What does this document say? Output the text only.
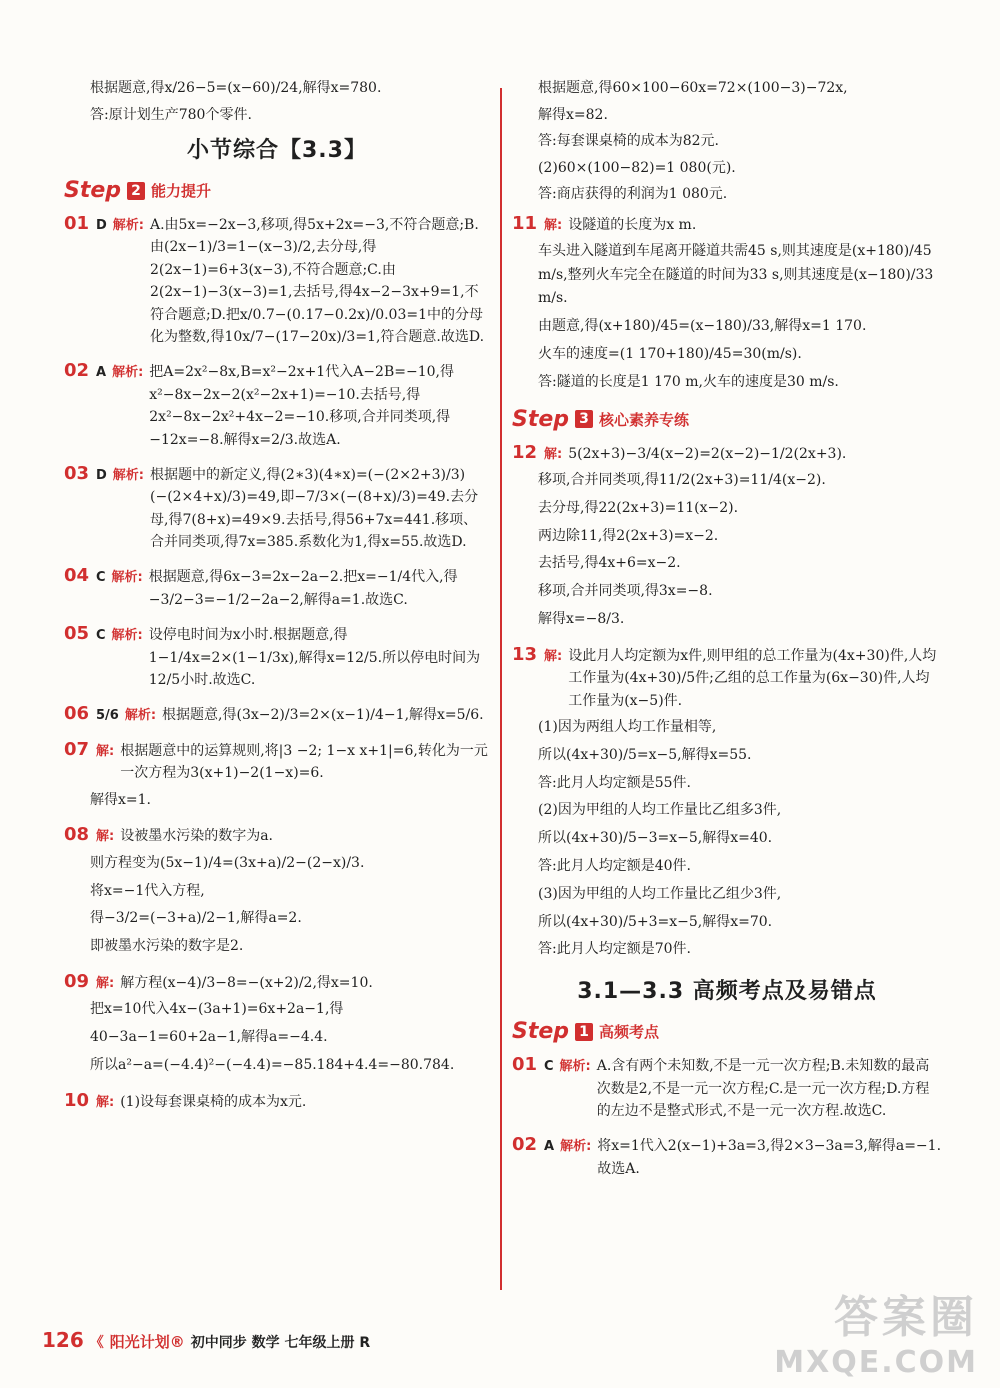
根据题意,得x/26−5=(x−60)/24,解得x=780.

答:原计划生产780个零件.

小节综合【3.3】
Step 2 能力提升
01 D 解析: A.由5x=−2x−3,移项,得5x+2x=−3,不符合题意;B.由(2x−1)/3=1−(x−3)/2,去分母,得2(2x−1)=6+3(x−3),不符合题意;C.由2(2x−1)−3(x−3)=1,去括号,得4x−2−3x+9=1,不符合题意;D.把x/0.7−(0.17−0.2x)/0.03=1中的分母化为整数,得10x/7−(17−20x)/3=1,符合题意.故选D.
02 A 解析: 把A=2x²−8x,B=x²−2x+1代入A−2B=−10,得x²−8x−2x−2(x²−2x+1)=−10.去括号,得2x²−8x−2x²+4x−2=−10.移项,合并同类项,得−12x=−8.解得x=2/3.故选A.
03 D 解析: 根据题中的新定义,得(2∗3)(4∗x)=(−(2×2+3)/3)(−(2×4+x)/3)=49,即−7/3×(−(8+x)/3)=49.去分母,得7(8+x)=49×9.去括号,得56+7x=441.移项、合并同类项,得7x=385.系数化为1,得x=55.故选D.
04 C 解析: 根据题意,得6x−3=2x−2a−2.把x=−1/4代入,得−3/2−3=−1/2−2a−2,解得a=1.故选C.
05 C 解析: 设停电时间为x小时.根据题意,得1−1/4x=2×(1−1/3x),解得x=12/5.所以停电时间为12/5小时.故选C.
06 5/6 解析: 根据题意,得(3x−2)/3=2×(x−1)/4−1,解得x=5/6.
07 解: 根据题意中的运算规则,将|3 −2; 1−x x+1|=6,转化为一元一次方程为3(x+1)−2(1−x)=6.
解得x=1.
08 解: 设被墨水污染的数字为a.
则方程变为(5x−1)/4=(3x+a)/2−(2−x)/3.
将x=−1代入方程,
得−3/2=(−3+a)/2−1,解得a=2.
即被墨水污染的数字是2.
09 解: 解方程(x−4)/3−8=−(x+2)/2,得x=10.
把x=10代入4x−(3a+1)=6x+2a−1,得
40−3a−1=60+2a−1,解得a=−4.4.
所以a²−a=(−4.4)²−(−4.4)=−85.184+4.4=−80.784.
10 解: (1)设每套课桌椅的成本为x元.

根据题意,得60×100−60x=72×(100−3)−72x,

解得x=82.

答:每套课桌椅的成本为82元.

(2)60×(100−82)=1 080(元).

答:商店获得的利润为1 080元.

11 解: 设隧道的长度为x m.
车头进入隧道到车尾离开隧道共需45 s,则其速度是(x+180)/45 m/s,整列火车完全在隧道的时间为33 s,则其速度是(x−180)/33 m/s.
由题意,得(x+180)/45=(x−180)/33,解得x=1 170.
火车的速度=(1 170+180)/45=30(m/s).
答:隧道的长度是1 170 m,火车的速度是30 m/s.
Step 3 核心素养专练
12 解: 5(2x+3)−3/4(x−2)=2(x−2)−1/2(2x+3).
移项,合并同类项,得11/2(2x+3)=11/4(x−2).
去分母,得22(2x+3)=11(x−2).
两边除11,得2(2x+3)=x−2.
去括号,得4x+6=x−2.
移项,合并同类项,得3x=−8.
解得x=−8/3.
13 解: 设此月人均定额为x件,则甲组的总工作量为(4x+30)件,人均工作量为(4x+30)/5件;乙组的总工作量为(6x−30)件,人均工作量为(x−5)件.
(1)因为两组人均工作量相等,
所以(4x+30)/5=x−5,解得x=55.
答:此月人均定额是55件.
(2)因为甲组的人均工作量比乙组多3件,
所以(4x+30)/5−3=x−5,解得x=40.
答:此月人均定额是40件.
(3)因为甲组的人均工作量比乙组少3件,
所以(4x+30)/5+3=x−5,解得x=70.
答:此月人均定额是70件.
3.1—3.3 高频考点及易错点
Step 1 高频考点
01 C 解析: A.含有两个未知数,不是一元一次方程;B.未知数的最高次数是2,不是一元一次方程;C.是一元一次方程;D.方程的左边不是整式形式,不是一元一次方程.故选C.
02 A 解析: 将x=1代入2(x−1)+3a=3,得2×3−3a=3,解得a=−1.故选A.
126 《 阳光计划® 初中同步 数学 七年级上册 R	答案圈
MXQE.COM
